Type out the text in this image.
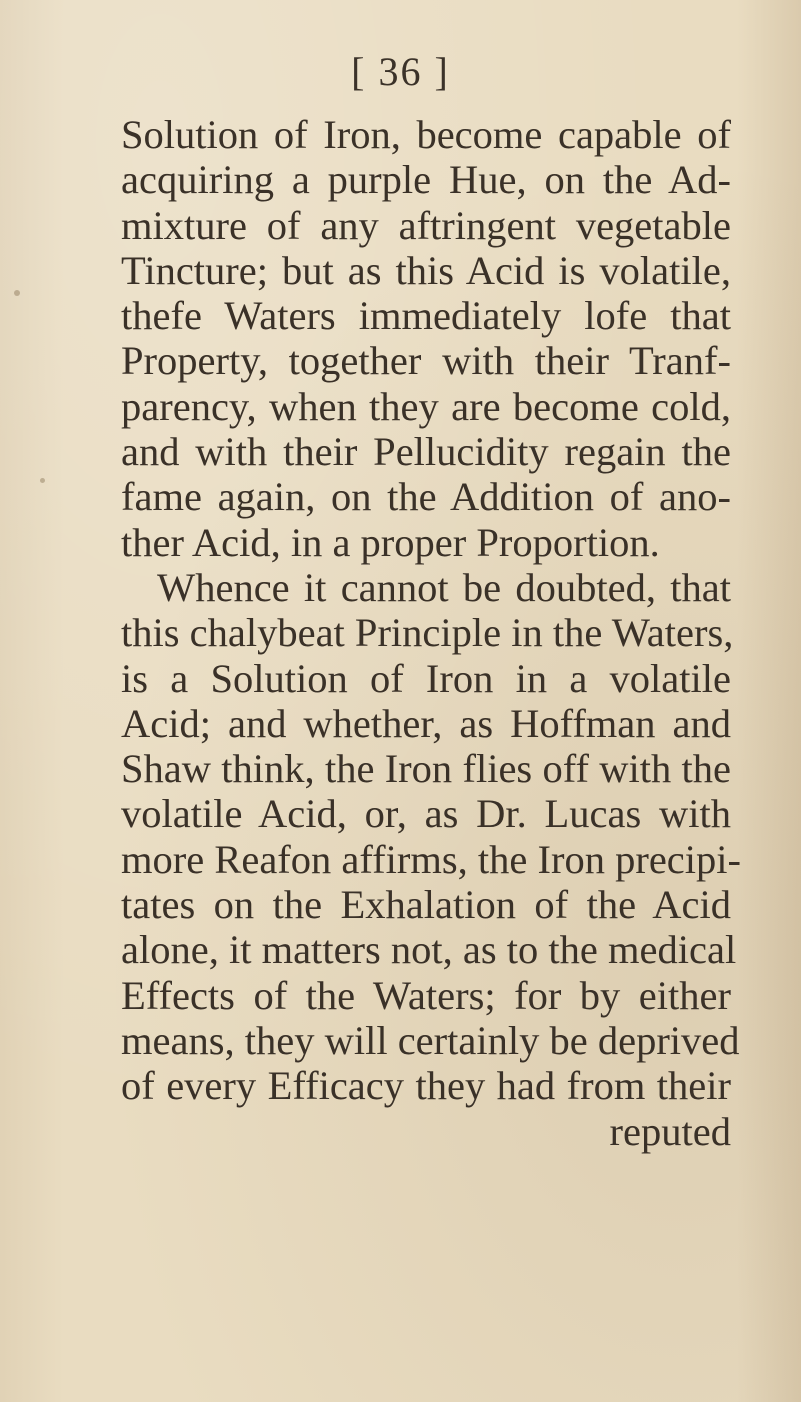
[ 36 ]
Solution of Iron, become capable of
acquiring a purple Hue, on the Ad-
mixture of any aftringent vegetable
Tincture; but as this Acid is volatile,
thefe Waters immediately lofe that
Property, together with their Tranf-
parency, when they are become cold,
and with their Pellucidity regain the
fame again, on the Addition of ano-
ther Acid, in a proper Proportion.
Whence it cannot be doubted, that
this chalybeat Principle in the Waters,
is a Solution of Iron in a volatile
Acid; and whether, as Hoffman and
Shaw think, the Iron flies off with the
volatile Acid, or, as Dr. Lucas with
more Reafon affirms, the Iron precipi-
tates on the Exhalation of the Acid
alone, it matters not, as to the medical
Effects of the Waters; for by either
means, they will certainly be deprived
of every Efficacy they had from their
reputed
